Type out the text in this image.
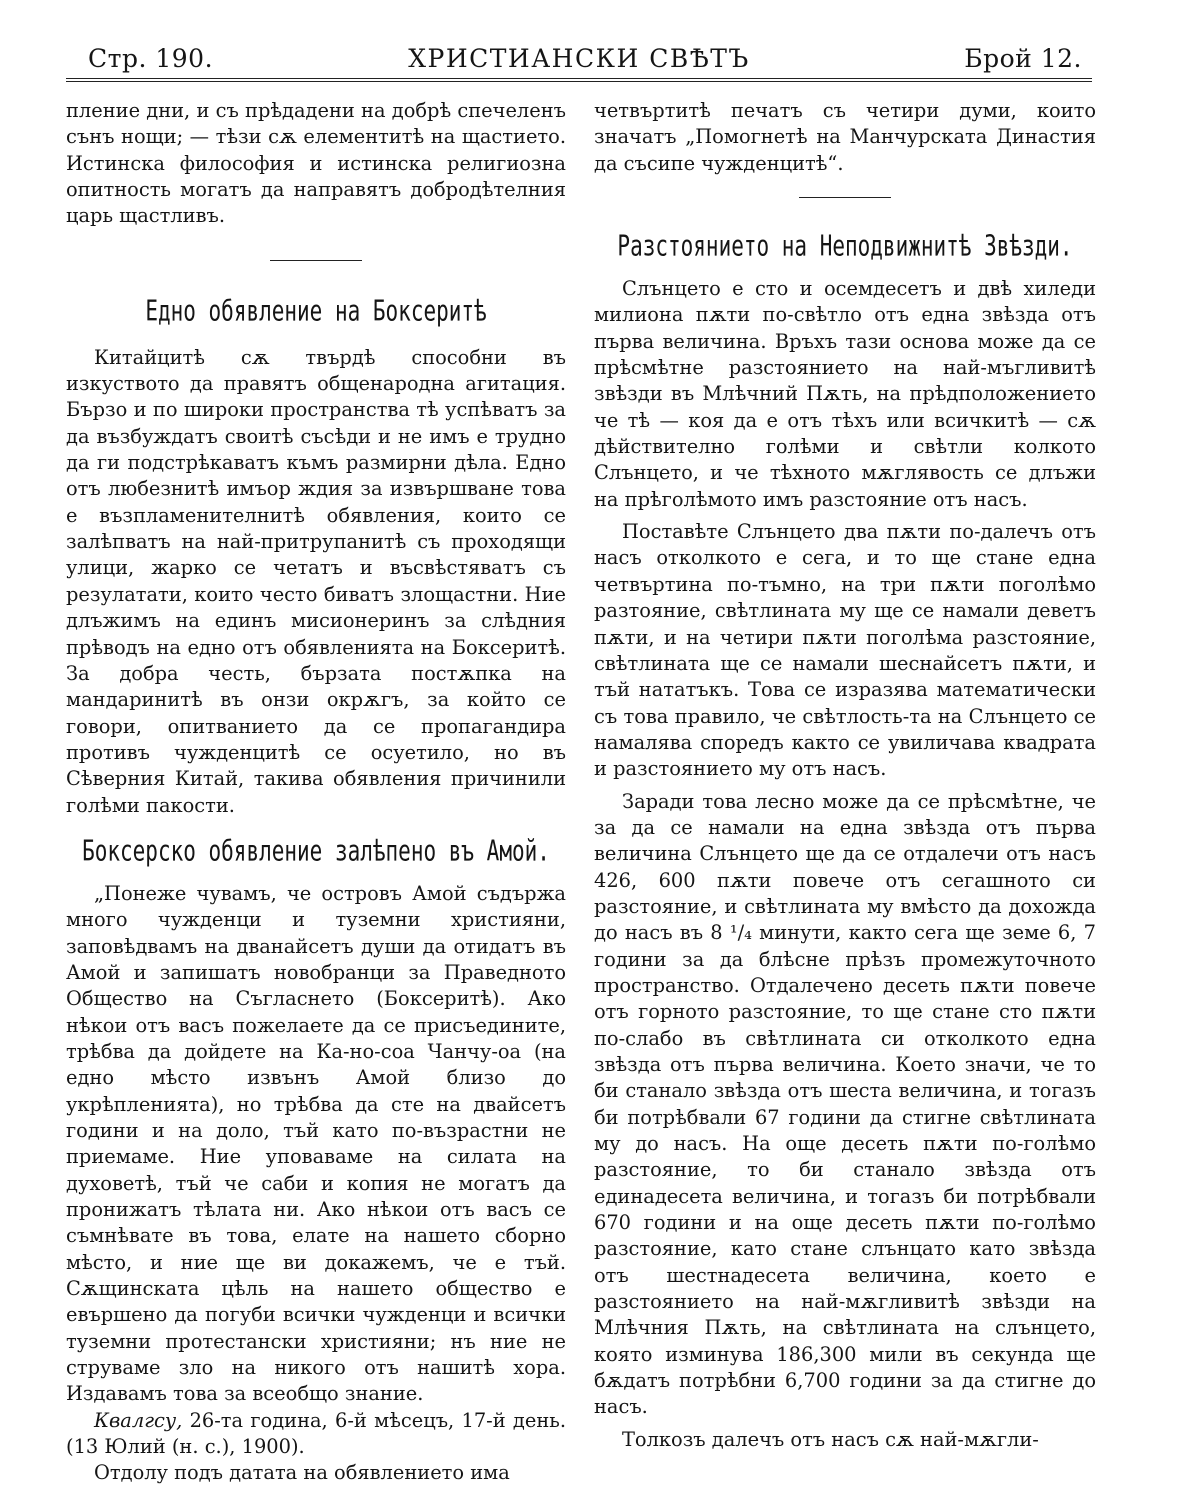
Стр. 190.	ХРИСТИАНСКИ СВѢТЪ	Брой 12.

пление дни, и съ прѣдадени на добрѣ спечеленъ сънъ нощи; — тѣзи сѫ елементитѣ на щастието. Истинска философия и истинска религиозна опитность могатъ да направятъ добродѣтелния царь щастливъ.

Едно обявление на Боксеритѣ

Китайцитѣ сѫ твърдѣ способни въ изкуството да правятъ общенародна агитация. Бързо и по широки пространства тѣ успѣватъ за да възбуждатъ своитѣ съсѣди и не имъ е трудно да ги подстрѣкаватъ къмъ размирни дѣла. Едно отъ любезнитѣ имъор ждия за извършване това е възпламенителнитѣ обявления, които се залѣпватъ на най-притрупанитѣ съ проходящи улици, жарко се четатъ и въсвѣстяватъ съ резулатати, които често биватъ злощастни. Ние длъжимъ на единъ мисионеринъ за слѣдния прѣводъ на едно отъ обявленията на Боксеритѣ. За добра честь, бързата постѫпка на мандаринитѣ въ онзи окрѫгъ, за който се говори, опитванието да се пропагандира противъ чужденцитѣ се осуетило, но въ Сѣверния Китай, такива обявления причинили голѣми пакости.

Боксерско обявление залѣпено въ Амой.

„Понеже чувамъ, че островъ Амой съдържа много чужденци и туземни християни, заповѣдвамъ на дванайсетъ души да отидатъ въ Амой и запишатъ новобранци за Праведното Общество на Съгласнето (Боксеритѣ). Ако нѣкои отъ васъ пожелаете да се присъедините, трѣбва да дойдете на Ка-но-соа Чанчу-оа (на едно мѣсто извънъ Амой близо до укрѣпленията), но трѣбва да сте на двайсетъ години и на доло, тъй като по-възрастни не приемаме. Ние уповаваме на силата на духоветѣ, тъй че саби и копия не могатъ да пронижатъ тѣлата ни. Ако нѣкои отъ васъ се съмнѣвате въ това, елате на нашето сборно мѣсто, и ние ще ви докажемъ, че е тъй. Сѫщинската цѣль на нашето общество е евършено да погуби всички чужденци и всички туземни протестански християни; нъ ние не струваме зло на никого отъ нашитѣ хора. Издавамъ това за всеобщо знание.

Квалгсу, 26-та година, 6-й мѣсецъ, 17-й день. (13 Юлий (н. с.), 1900).

Отдолу подъ датата на обявлението има

четвъртитѣ печатъ съ четири думи, които значатъ „Помогнетѣ на Манчурската Династия да съсипе чужденцитѣ“.

Разстоянието на Неподвижнитѣ Звѣзди.

Слънцето е сто и осемдесетъ и двѣ хиледи милиона пѫти по-свѣтло отъ една звѣзда отъ първа величина. Връхъ тази основа може да се прѣсмѣтне разстоянието на най-мъгливитѣ звѣзди въ Млѣчний Пѫть, на прѣдположението че тѣ — коя да е отъ тѣхъ или всичкитѣ — сѫ дѣйствително голѣми и свѣтли колкото Слънцето, и че тѣхното мѫглявость се длъжи на прѣголѣмото имъ разстояние отъ насъ.

Поставѣте Слънцето два пѫти по-далечъ отъ насъ отколкото е сега, и то ще стане една четвъртина по-тъмно, на три пѫти поголѣмо разтояние, свѣтлината му ще се намали деветъ пѫти, и на четири пѫти поголѣма разстояние, свѣтлината ще се намали шеснайсетъ пѫти, и тъй нататъкъ. Това се изразява математически съ това правило, че свѣтлость-та на Слънцето се намалява споредъ както се увиличава квадрата и разстоянието му отъ насъ.

Заради това лесно може да се прѣсмѣтне, че за да се намали на една звѣзда отъ първа величина Слънцето ще да се отдалечи отъ насъ 426, 600 пѫти повече отъ сегашното си разстояние, и свѣтлината му вмѣсто да дохожда до насъ въ 8 ¹/₄ минути, както сега ще земе 6, 7 години за да блѣсне прѣзъ промежуточното пространство. Отдалечено десеть пѫти повече отъ горното разстояние, то ще стане сто пѫти по-слабо въ свѣтлината си отколкото една звѣзда отъ първа величина. Което значи, че то би станало звѣзда отъ шеста величина, и тогазъ би потрѣбвали 67 години да стигне свѣтлината му до насъ. На още десеть пѫти по-голѣмо разстояние, то би станало звѣзда отъ единадесета величина, и тогазъ би потрѣбвали 670 години и на още десеть пѫти по-голѣмо разстояние, като стане слънцато като звѣзда отъ шестнадесета величина, което е разстоянието на най-мѫгливитѣ звѣзди на Млѣчния Пѫть, на свѣтлината на слънцето, която изминува 186,300 мили въ секунда ще бѫдатъ потрѣбни 6,700 години за да стигне до насъ.

Толкозъ далечъ отъ насъ сѫ най-мѫгли-
